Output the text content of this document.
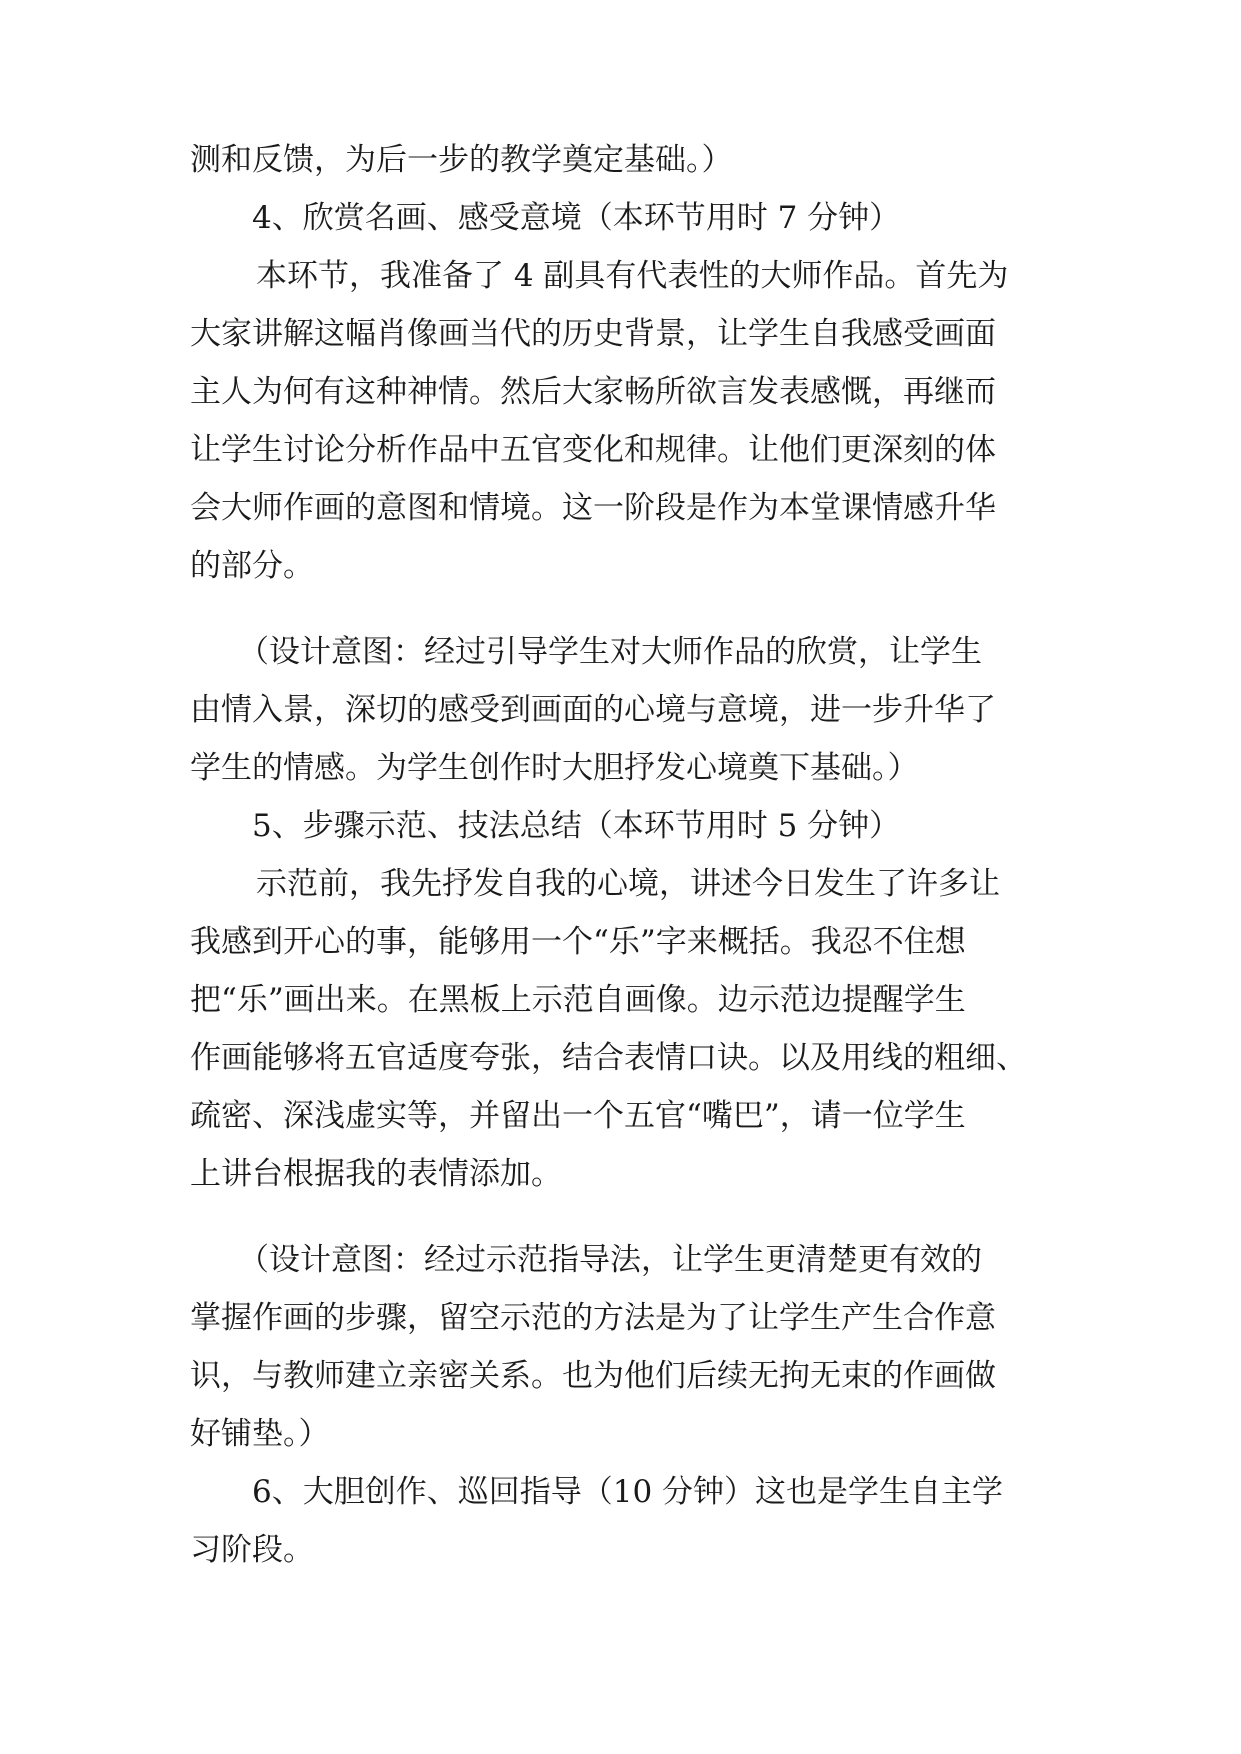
测和反馈，为后一步的教学奠定基础。）
4、欣赏名画、感受意境（本环节用时 7 分钟）
本环节，我准备了 4 副具有代表性的大师作品。首先为
大家讲解这幅肖像画当代的历史背景，让学生自我感受画面
主人为何有这种神情。然后大家畅所欲言发表感慨，再继而
让学生讨论分析作品中五官变化和规律。让他们更深刻的体
会大师作画的意图和情境。这一阶段是作为本堂课情感升华
的部分。
（设计意图：经过引导学生对大师作品的欣赏，让学生
由情入景，深切的感受到画面的心境与意境，进一步升华了
学生的情感。为学生创作时大胆抒发心境奠下基础。）
5、步骤示范、技法总结（本环节用时 5 分钟）
示范前，我先抒发自我的心境，讲述今日发生了许多让
我感到开心的事，能够用一个“乐”字来概括。我忍不住想
把“乐”画出来。在黑板上示范自画像。边示范边提醒学生
作画能够将五官适度夸张，结合表情口诀。以及用线的粗细、
疏密、深浅虚实等，并留出一个五官“嘴巴”，请一位学生
上讲台根据我的表情添加。
（设计意图：经过示范指导法，让学生更清楚更有效的
掌握作画的步骤，留空示范的方法是为了让学生产生合作意
识，与教师建立亲密关系。也为他们后续无拘无束的作画做
好铺垫。）
6、大胆创作、巡回指导（10 分钟）这也是学生自主学
习阶段。
